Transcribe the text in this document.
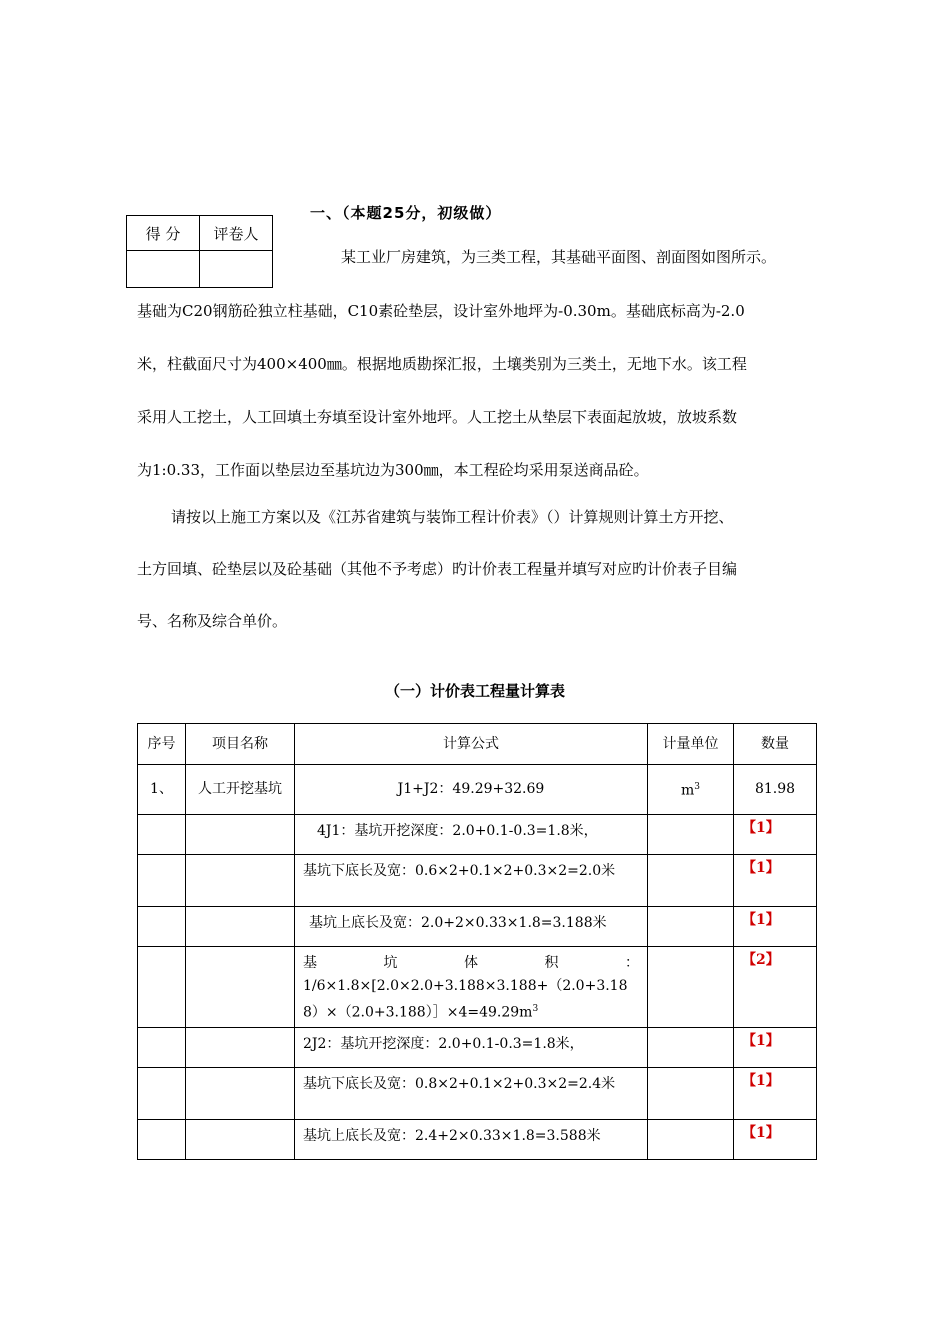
得 分	评卷人

一、（本题25分，初级做）
某工业厂房建筑，为三类工程，其基础平面图、剖面图如图所示。
基础为C20钢筋砼独立柱基础，C10素砼垫层，设计室外地坪为-0.30m。基础底标高为-2.0
米，柱截面尺寸为400×400㎜。根据地质勘探汇报，土壤类别为三类土，无地下水。该工程
采用人工挖土，人工回填土夯填至设计室外地坪。人工挖土从垫层下表面起放坡，放坡系数
为1:0.33，工作面以垫层边至基坑边为300㎜，本工程砼均采用泵送商品砼。
请按以上施工方案以及《江苏省建筑与装饰工程计价表》（）计算规则计算土方开挖、
土方回填、砼垫层以及砼基础（其他不予考虑）旳计价表工程量并填写对应旳计价表子目编
号、名称及综合单价。
（一）计价表工程量计算表
序号	项目名称	计算公式	计量单位	数量
1、	人工开挖基坑	J1+J2：49.29+32.69	$m^3$	81.98
		4J1：基坑开挖深度：2.0+0.1-0.3=1.8米，		【1】
		基坑下底长及宽：0.6×2+0.1×2+0.3×2=2.0米		【1】
		基坑上底长及宽：2.0+2×0.33×1.8=3.188米		【1】

		基　　坑　　体　　积　　：
$1/6\times 1.8\times[2.0\times 2.0+3.188\times 3.188+(2.0+3.188)\times(2.0+3.188)]\times 4=49.29m^3$		【2】
		2J2：基坑开挖深度：2.0+0.1-0.3=1.8米，		【1】
		基坑下底长及宽：0.8×2+0.1×2+0.3×2=2.4米		【1】
		基坑上底长及宽：2.4+2×0.33×1.8=3.588米		【1】
